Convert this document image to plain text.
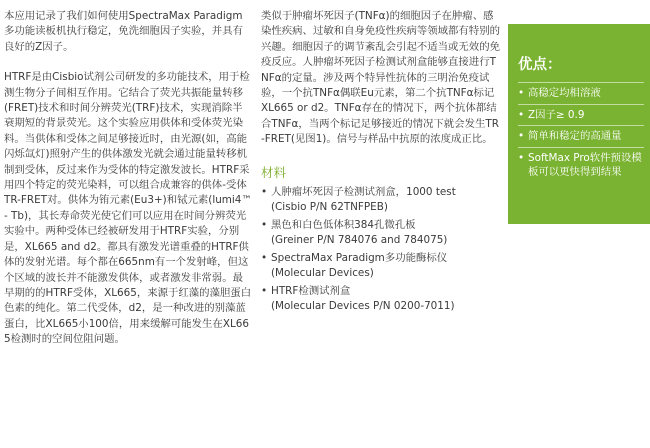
本应用记录了我们如何使用SpectraMax Paradigm多功能读板机执行稳定，免洗细胞因子实验，并具有良好的Z因子。

HTRF是由Cisbio试剂公司研发的多功能技术，用于检测生物分子间相互作用。它结合了荧光共振能量转移(FRET)技术和时间分辨荧光(TRF)技术，实现消除半衰期短的背景荧光。这个实验应用供体和受体荧光染料。当供体和受体之间足够接近时，由光源(如，高能闪烁氙灯)照射产生的供体激发光就会通过能量转移机制到受体，反过来作为受体的特定激发波长。HTRF采用四个特定的荧光染料，可以组合成兼容的供体-受体TR-FRET对。供体为铕元素(Eu3+)和铽元素(lumi4™- Tb)，其长寿命荧光使它们可以应用在时间分辨荧光实验中。两种受体已经被研发用于HTRF实验，分别是，XL665 and d2。都具有激发光谱重叠的HTRF供体的发射光谱。每个都在665nm有一个发射峰，但这个区域的波长并不能激发供体，或者激发非常弱。最早期的的HTRF受体，XL665，来源于红藻的藻胆蛋白色素的纯化。第二代受体，d2，是一种改进的别藻蓝蛋白，比XL665小100倍，用来缓解可能发生在XL665检测时的空间位阻问题。

类似于肿瘤坏死因子(TNFα)的细胞因子在肿瘤、感染性疾病、过敏和自身免疫性疾病等领域都有特别的兴趣。细胞因子的调节紊乱会引起不适当或无效的免疫反应。人肿瘤坏死因子检测试剂盒能够直接进行TNFα的定量。涉及两个特异性抗体的三明治免疫试验，一个抗TNFα偶联Eu元素，第二个抗TNFα标记XL665 or d2。TNFα存在的情况下，两个抗体都结合TNFα，当两个标记足够接近的情况下就会发生TR-FRET(见图1)。信号与样品中抗原的浓度成正比。

材料
• 人肿瘤坏死因子检测试剂盒，1000 test
(Cisbio P/N 62TNFPEB)
• 黑色和白色低体积384孔微孔板
(Greiner P/N 784076 and 784075)
• SpectraMax Paradigm多功能酶标仪
(Molecular Devices)
• HTRF检测试剂盒
(Molecular Devices P/N 0200-7011)
优点：
• 高稳定均相溶液
• Z因子≥ 0.9
• 简单和稳定的高通量
• SoftMax Pro软件预设模板可以更快得到结果
